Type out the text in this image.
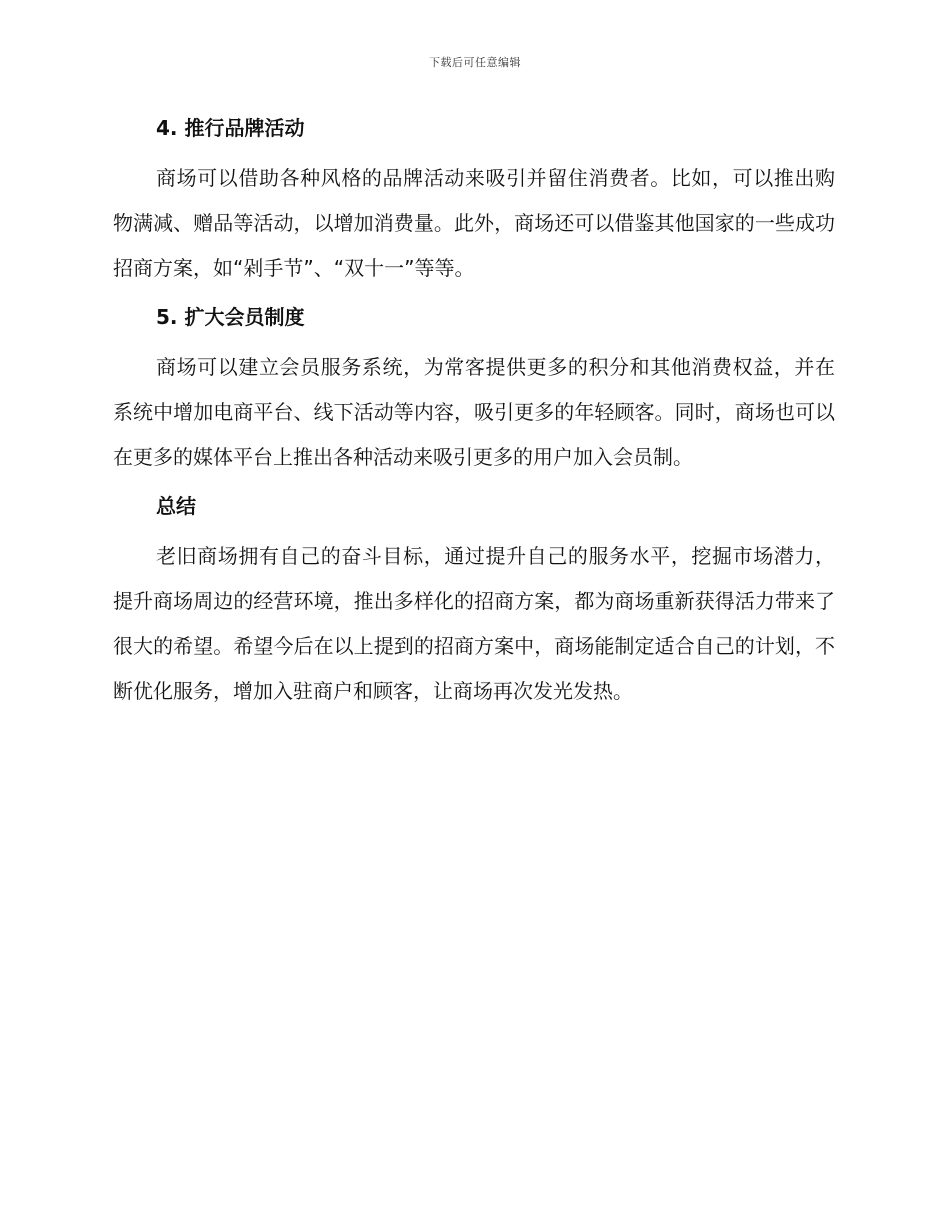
下载后可任意编辑
4. 推行品牌活动

商场可以借助各种风格的品牌活动来吸引并留住消费者。比如，可以推出购物满减、赠品等活动，以增加消费量。此外，商场还可以借鉴其他国家的一些成功招商方案，如“剁手节”、“双十一”等等。

5. 扩大会员制度

商场可以建立会员服务系统，为常客提供更多的积分和其他消费权益，并在系统中增加电商平台、线下活动等内容，吸引更多的年轻顾客。同时，商场也可以在更多的媒体平台上推出各种活动来吸引更多的用户加入会员制。

总结

老旧商场拥有自己的奋斗目标，通过提升自己的服务水平，挖掘市场潜力，提升商场周边的经营环境，推出多样化的招商方案，都为商场重新获得活力带来了很大的希望。希望今后在以上提到的招商方案中，商场能制定适合自己的计划，不断优化服务，增加入驻商户和顾客，让商场再次发光发热。
